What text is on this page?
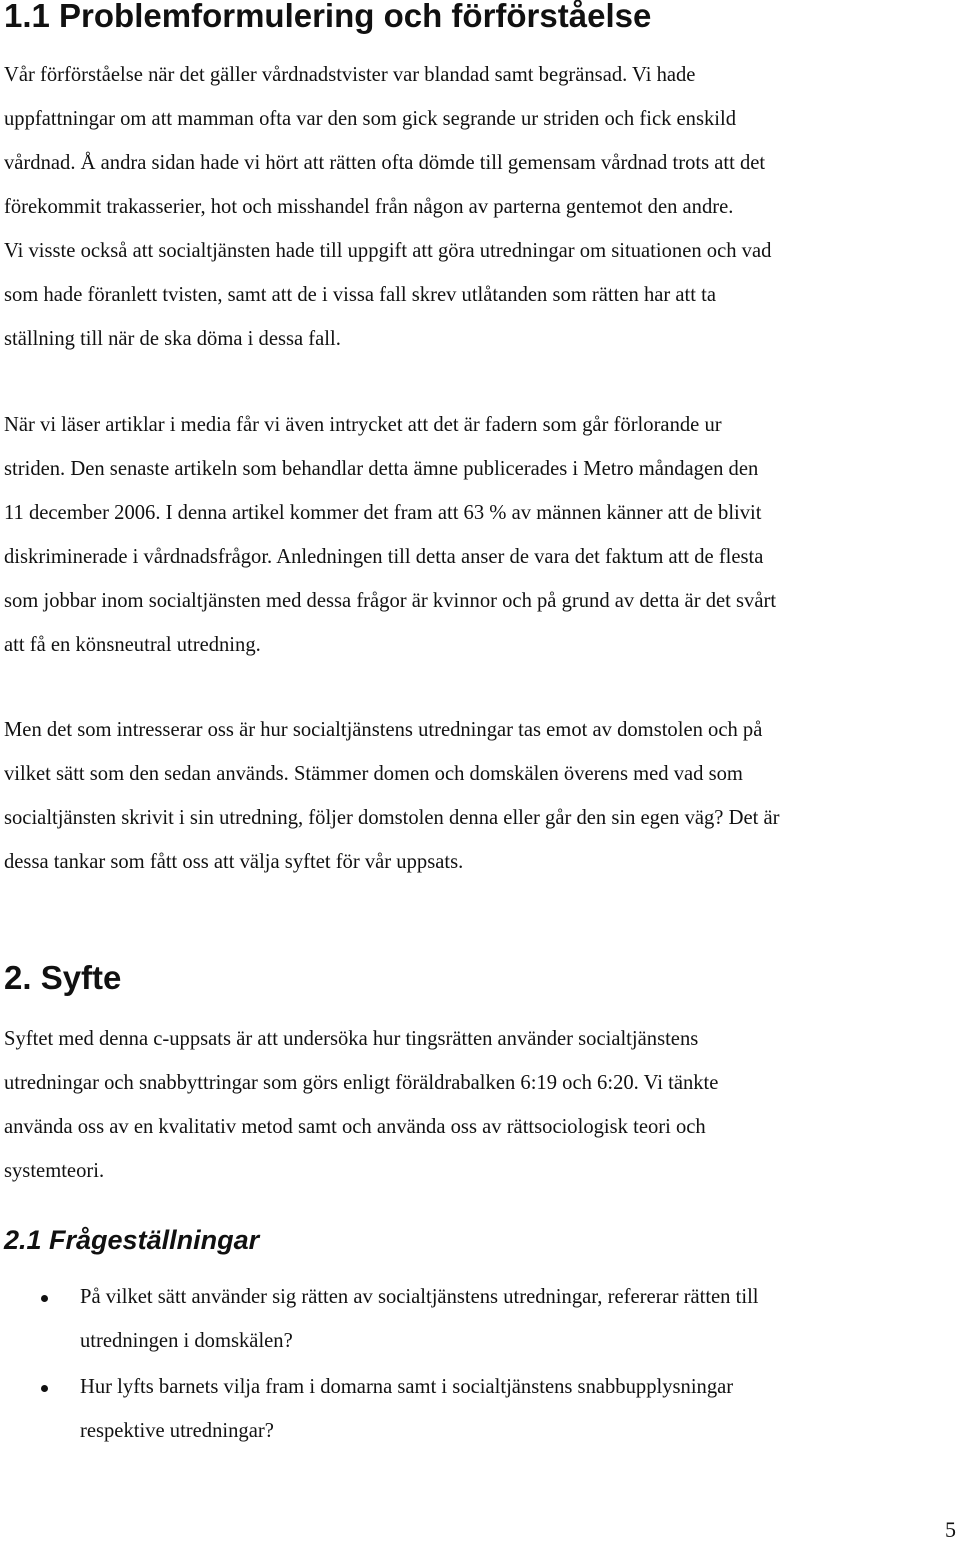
1.1 Problemformulering och förförståelse

Vår förförståelse när det gäller vårdnadstvister var blandad samt begränsad. Vi hade
uppfattningar om att mamman ofta var den som gick segrande ur striden och fick enskild
vårdnad. Å andra sidan hade vi hört att rätten ofta dömde till gemensam vårdnad trots att det
förekommit trakasserier, hot och misshandel från någon av parterna gentemot den andre.
Vi visste också att socialtjänsten hade till uppgift att göra utredningar om situationen och vad
som hade föranlett tvisten, samt att de i vissa fall skrev utlåtanden som rätten har att ta
ställning till när de ska döma i dessa fall.

När vi läser artiklar i media får vi även intrycket att det är fadern som går förlorande ur
striden. Den senaste artikeln som behandlar detta ämne publicerades i Metro måndagen den
11 december 2006. I denna artikel kommer det fram att 63 % av männen känner att de blivit
diskriminerade i vårdnadsfrågor. Anledningen till detta anser de vara det faktum att de flesta
som jobbar inom socialtjänsten med dessa frågor är kvinnor och på grund av detta är det svårt
att få en könsneutral utredning.

Men det som intresserar oss är hur socialtjänstens utredningar tas emot av domstolen och på
vilket sätt som den sedan används. Stämmer domen och domskälen överens med vad som
socialtjänsten skrivit i sin utredning, följer domstolen denna eller går den sin egen väg? Det är
dessa tankar som fått oss att välja syftet för vår uppsats.

2. Syfte

Syftet med denna c-uppsats är att undersöka hur tingsrätten använder socialtjänstens
utredningar och snabbyttringar som görs enligt föräldrabalken 6:19 och 6:20. Vi tänkte
använda oss av en kvalitativ metod samt och använda oss av rättsociologisk teori och
systemteori.

2.1 Frågeställningar
På vilket sätt använder sig rätten av socialtjänstens utredningar, refererar rätten till
utredningen i domskälen?
Hur lyfts barnets vilja fram i domarna samt i socialtjänstens snabbupplysningar
respektive utredningar?
5
